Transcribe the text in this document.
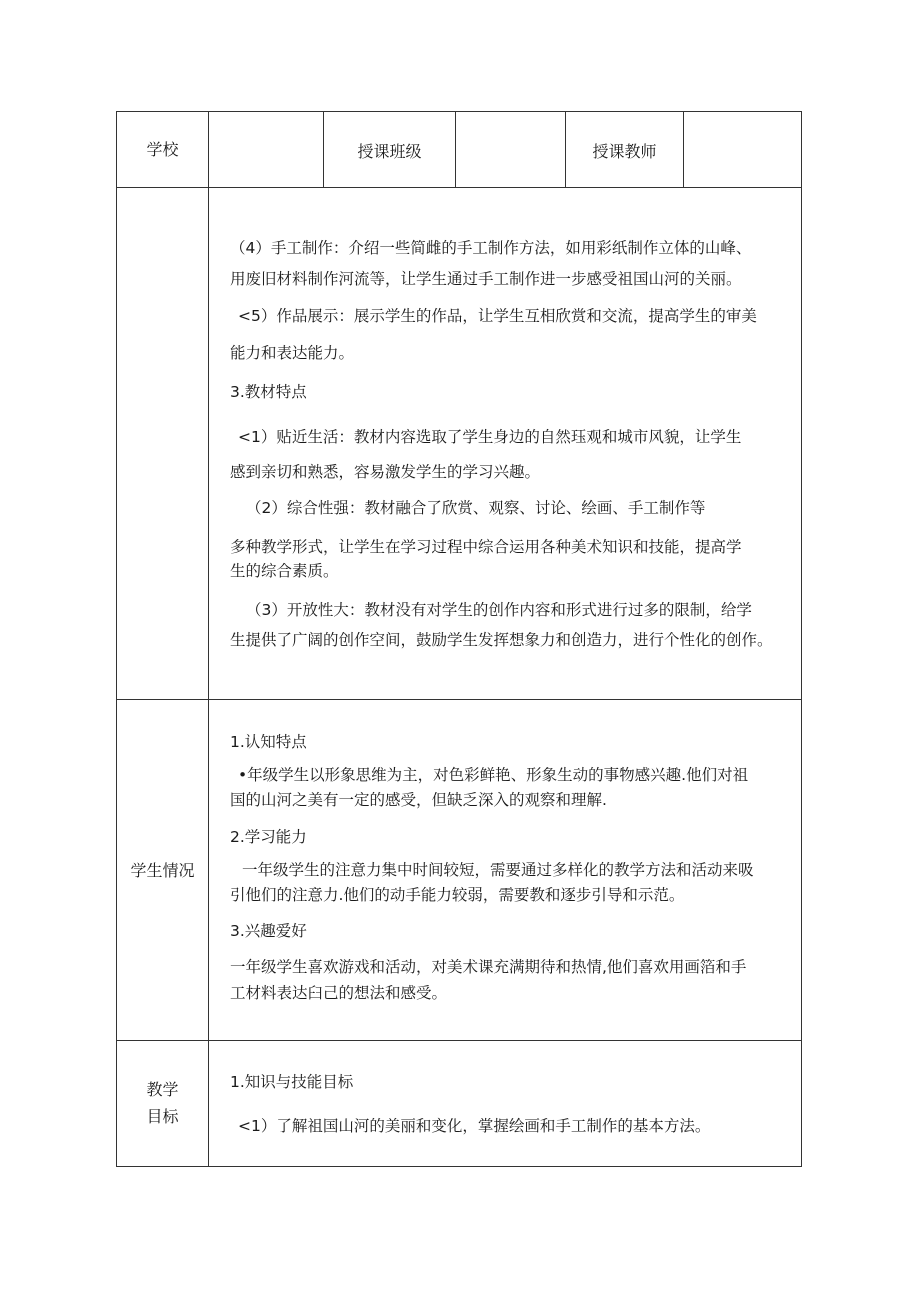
学校	授课班级	授课教师
（4）手工制作：介绍一些简雌的手工制作方法，如用彩纸制作立体的山峰、
用废旧材料制作河流等，让学生通过手工制作进一步感受祖国山河的关丽。
<5）作品展示：展示学生的作品，让学生互相欣赏和交流，提高学生的审美
能力和表达能力。
3.教材特点
<1）贴近生活：教材内容选取了学生身边的自然珏观和城市风貌，让学生
感到亲切和熟悉，容易激发学生的学习兴趣。
（2）综合性强：教材融合了欣赏、观察、讨论、绘画、手工制作等
多种教学形式，让学生在学习过程中综合运用各种美术知识和技能，提高学
生的综合素质。
（3）开放性大：教材没有对学生的创作内容和形式进行过多的限制，给学
生提供了广阔的创作空间，鼓励学生发挥想象力和创造力，进行个性化的创作。
学生情况
1.认知特点
•年级学生以形象思维为主，对色彩鲜艳、形象生动的事物感兴趣.他们对祖
国的山河之美有一定的感受，但缺乏深入的观察和理解.
2.学习能力
一年级学生的注意力集中时间较短，需要通过多样化的教学方法和活动来吸
引他们的注意力.他们的动手能力较弱，需要教和逐步引导和示范。
3.兴趣爱好
一年级学生喜欢游戏和活动，对美术课充满期待和热情,他们喜欢用画箔和手
工材料表达臼己的想法和感受。
教学
目标
1.知识与技能目标
<1）了解祖国山河的美丽和变化，掌握绘画和手工制作的基本方法。
